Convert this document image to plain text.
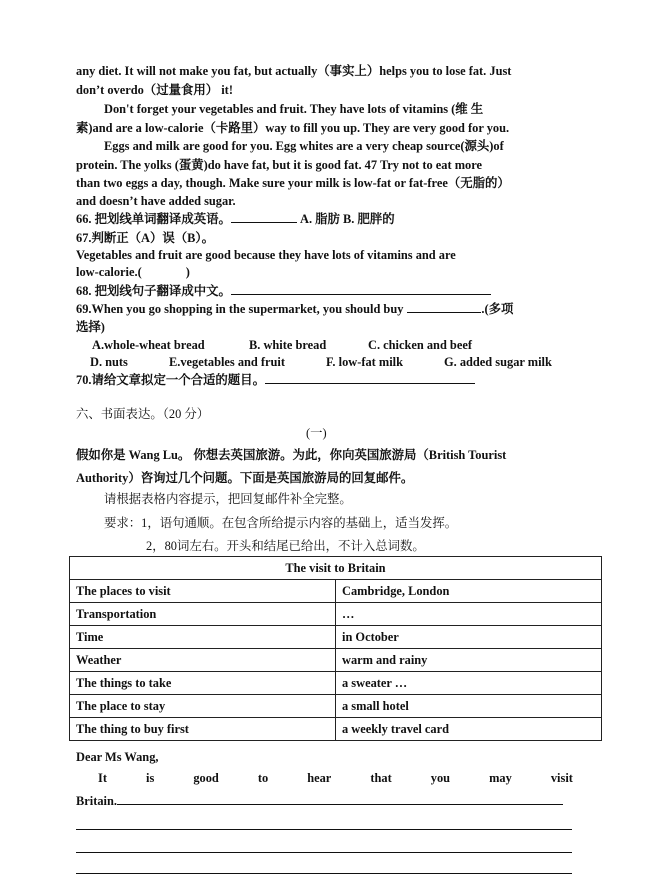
any diet. It will not make you fat, but actually（事实上）helps you to lose fat. Just
don’t overdo（过量食用） it!
Don't forget your vegetables and fruit. They have lots of vitamins (维 生
素)and are a low-calorie（卡路里）way to fill you up. They are very good for you.
Eggs and milk are good for you. Egg whites are a very cheap source(源头)of
protein. The yolks (蛋黄)do have fat, but it is good fat. 47 Try not to eat more
than two eggs a day, though. Make sure your milk is low-fat or fat-free（无脂的）
and doesn’t have added sugar.
66. 把划线单词翻译成英语。	A. 脂肪 B. 肥胖的
67.判断正（A）误（B）。
Vegetables and fruit are good because they have lots of vitamins and are
low-calorie.(	)
68. 把划线句子翻译成中文。
69.When you go shopping in the supermarket, you should buy	.(多项
选择)
A.whole-wheat bread	B. white bread	C. chicken and beef
D. nuts	E.vegetables and fruit	F. low-fat milk	G. added sugar milk
70.请给文章拟定一个合适的题目。
六、书面表达。（20 分）
(一)
假如你是 Wang Lu。 你想去英国旅游。为此，你向英国旅游局（British Tourist
Authority）咨询过几个问题。下面是英国旅游局的回复邮件。
请根据表格内容提示，把回复邮件补全完整。
要求：1，语句通顺。在包含所给提示内容的基础上，适当发挥。
2，80词左右。开头和结尾已给出，不计入总词数。
The visit to Britain	
The places to visit	Cambridge, London
Transportation	…
Time	in October
Weather	warm and rainy
The things to take	a sweater …
The place to stay	a small hotel
The thing to buy first	a weekly travel card
Dear Ms Wang,
It	is	good	to	hear	that	you	may	visit
Britain.
